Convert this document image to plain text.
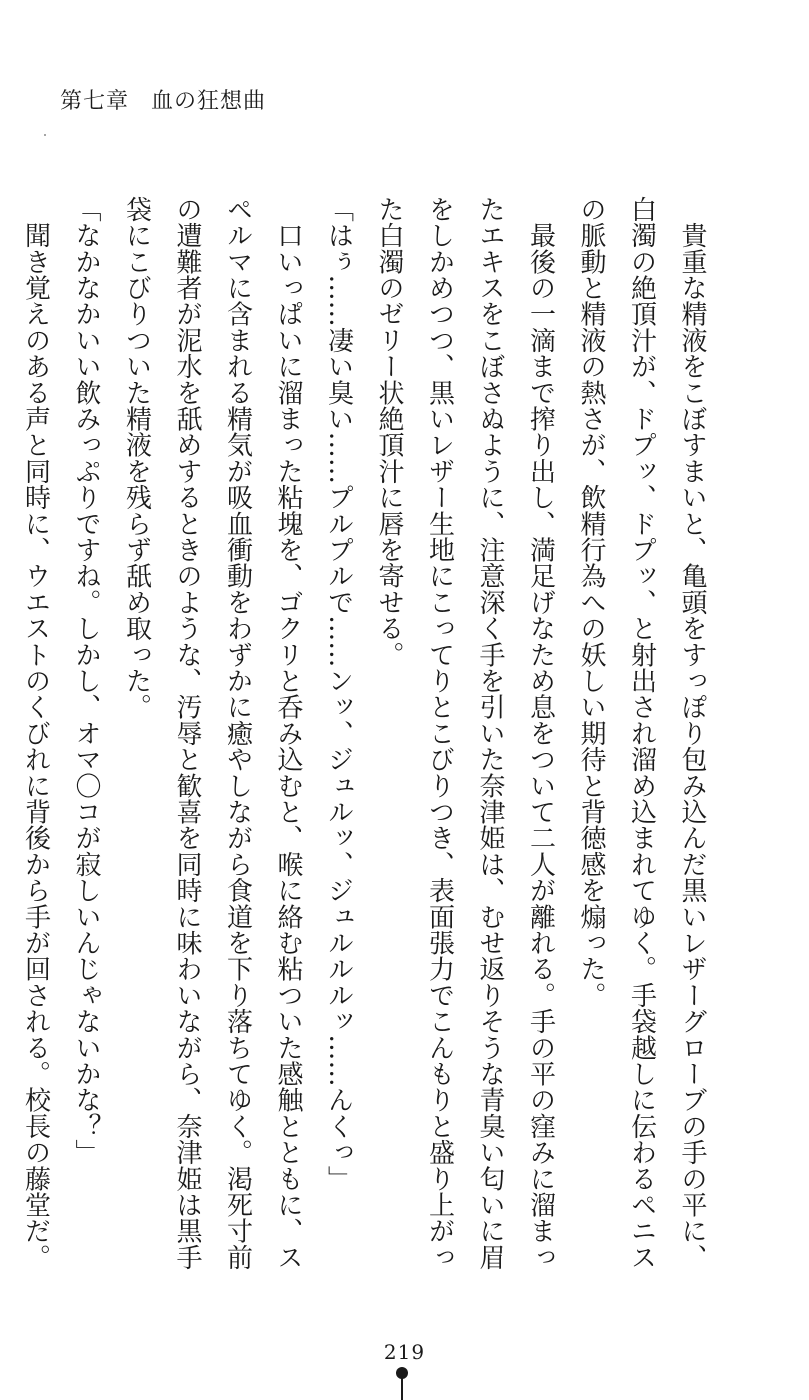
第七章 血の狂想曲

　貴重な精液をこぼすまいと、亀頭をすっぽり包み込んだ黒いレザーグローブの手の平に、白濁の絶頂汁が、ドプッ、ドプッ、と射出され溜め込まれてゆく。手袋越しに伝わるペニスの脈動と精液の熱さが、飲精行為への妖しい期待と背徳感を煽った。

　最後の一滴まで搾り出し、満足げなため息をついて二人が離れる。手の平の窪みに溜まったエキスをこぼさぬように、注意深く手を引いた奈津姫は、むせ返りそうな青臭い匂いに眉をしかめつつ、黒いレザー生地にこってりとこびりつき、表面張力でこんもりと盛り上がった白濁のゼリー状絶頂汁に唇を寄せる。

「はぅ……凄い臭い……プルプルで……ンッ、ジュルッ、ジュルルルッ……んくっ」

　口いっぱいに溜まった粘塊を、ゴクリと呑み込むと、喉に絡む粘ついた感触とともに、スペルマに含まれる精気が吸血衝動をわずかに癒やしながら食道を下り落ちてゆく。渇死寸前の遭難者が泥水を舐めするときのような、汚辱と歓喜を同時に味わいながら、奈津姫は黒手袋にこびりついた精液を残らず舐め取った。

「なかなかいい飲みっぷりですね。しかし、オマ〇コが寂しいんじゃないかな？」

　聞き覚えのある声と同時に、ウエストのくびれに背後から手が回される。校長の藤堂だ。

219
